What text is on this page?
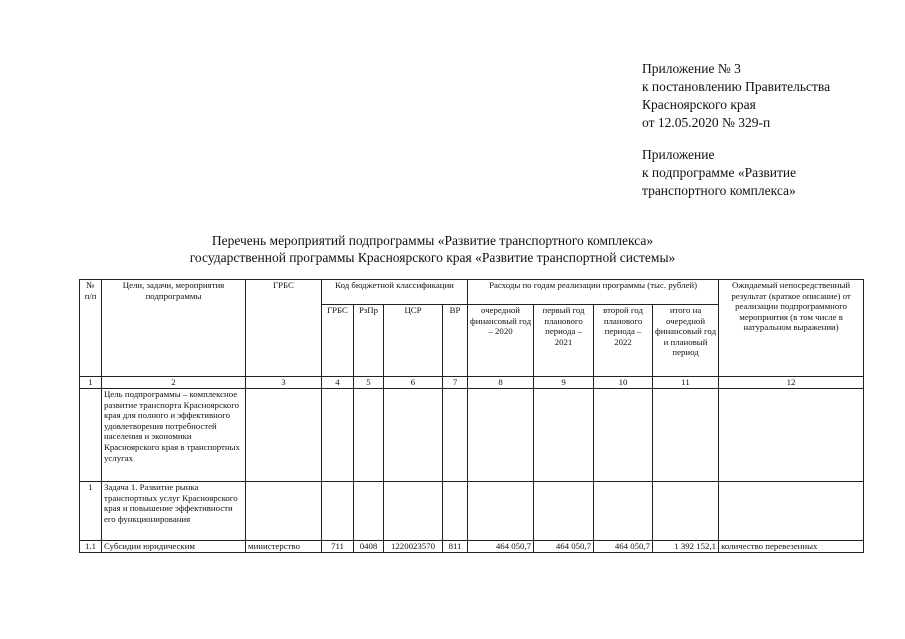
Приложение № 3
к постановлению Правительства
Красноярского края
от 12.05.2020 № 329-п
Приложение
к подпрограмме «Развитие
транспортного комплекса»
Перечень мероприятий подпрограммы «Развитие транспортного комплекса»
государственной программы Красноярского края «Развитие транспортной системы»
№ п/п	Цели, задачи, мероприятия подпрограммы	ГРБС	Код бюджетной классификации				Расходы по годам реализации программы (тыс. рублей)				Ожидаемый непосредственный результат (краткое описание) от реализации подпрограммного мероприятия (в том числе в натуральном выражении)
			ГРБС	РзПр	ЦСР	ВР	очередной финансовый год – 2020	первый год планового периода – 2021	второй год планового периода – 2022	итого на очередной финансовый год и плановый период	
1	2	3	4	5	6	7	8	9	10	11	12
	Цель подпрограммы – комплексное развитие транспорта Красноярского края для полного и эффективного удовлетворения потребностей населения и экономики Красноярского края в транспортных услугах										
1	Задача 1. Развитие рынка транспортных услуг Красноярского края и повышение эффективности его функционирования										
1.1	Субсидии юридическим	министерство	711	0408	1220023570	811	464 050,7	464 050,7	464 050,7	1 392 152,1	количество перевезенных
